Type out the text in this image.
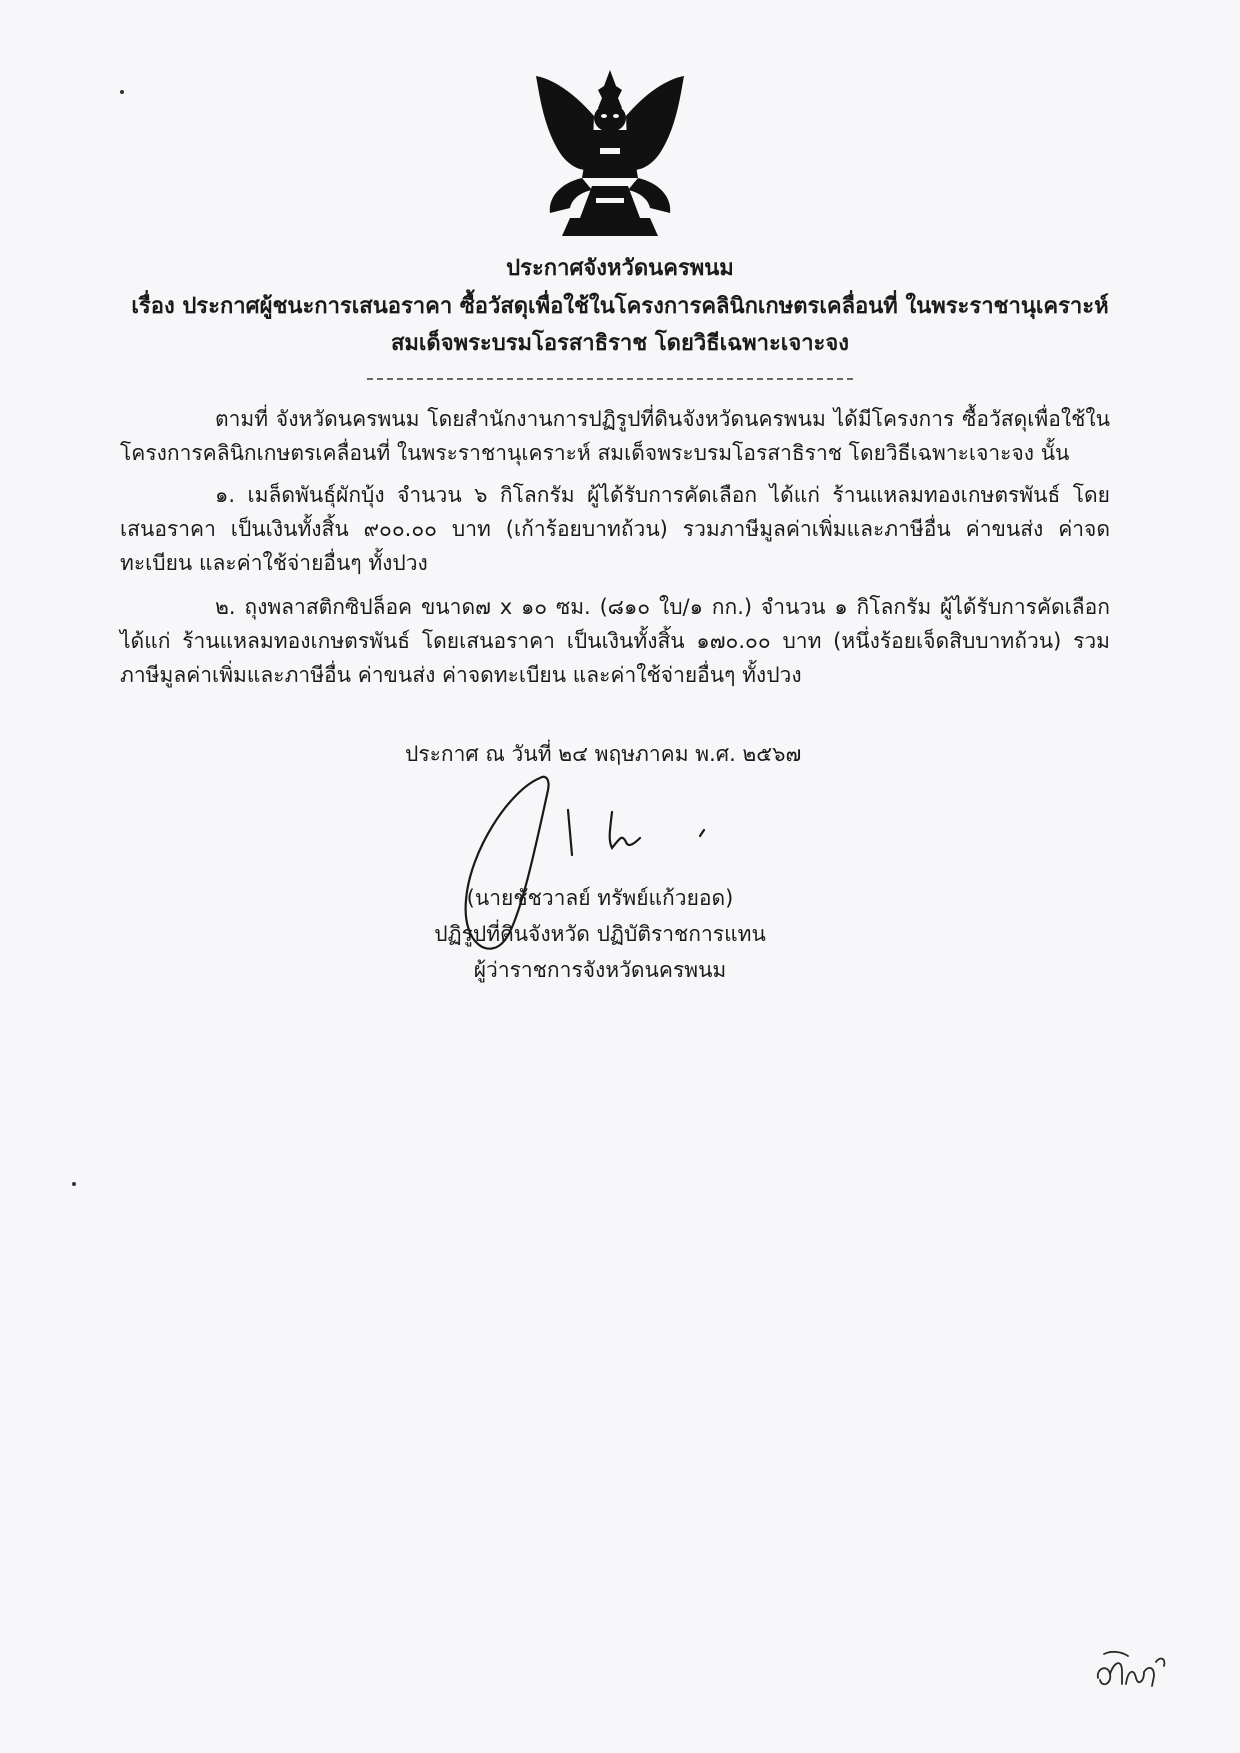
ประกาศจังหวัดนครพนม
เรื่อง ประกาศผู้ชนะการเสนอราคา ซื้อวัสดุเพื่อใช้ในโครงการคลินิกเกษตรเคลื่อนที่ ในพระราชานุเคราะห์
สมเด็จพระบรมโอรสาธิราช โดยวิธีเฉพาะเจาะจง
ตามที่ จังหวัดนครพนม โดยสำนักงานการปฏิรูปที่ดินจังหวัดนครพนม ได้มีโครงการ ซื้อวัสดุเพื่อใช้ในโครงการคลินิกเกษตรเคลื่อนที่ ในพระราชานุเคราะห์ สมเด็จพระบรมโอรสาธิราช โดยวิธีเฉพาะเจาะจง นั้น
๑. เมล็ดพันธุ์ผักบุ้ง จำนวน ๖ กิโลกรัม ผู้ได้รับการคัดเลือก ได้แก่ ร้านแหลมทองเกษตรพันธ์ โดยเสนอราคา เป็นเงินทั้งสิ้น ๙๐๐.๐๐ บาท (เก้าร้อยบาทถ้วน) รวมภาษีมูลค่าเพิ่มและภาษีอื่น ค่าขนส่ง ค่าจดทะเบียน และค่าใช้จ่ายอื่นๆ ทั้งปวง
๒. ถุงพลาสติกซิปล็อค ขนาด๗ x ๑๐ ซม. (๘๑๐ ใบ/๑ กก.) จำนวน ๑ กิโลกรัม ผู้ได้รับการคัดเลือก ได้แก่ ร้านแหลมทองเกษตรพันธ์ โดยเสนอราคา เป็นเงินทั้งสิ้น ๑๗๐.๐๐ บาท (หนึ่งร้อยเจ็ดสิบบาทถ้วน) รวมภาษีมูลค่าเพิ่มและภาษีอื่น ค่าขนส่ง ค่าจดทะเบียน และค่าใช้จ่ายอื่นๆ ทั้งปวง
ประกาศ ณ วันที่ ๒๔ พฤษภาคม พ.ศ. ๒๕๖๗
(นายชัชวาลย์ ทรัพย์แก้วยอด)
ปฏิรูปที่ดินจังหวัด ปฏิบัติราชการแทน
ผู้ว่าราชการจังหวัดนครพนม
